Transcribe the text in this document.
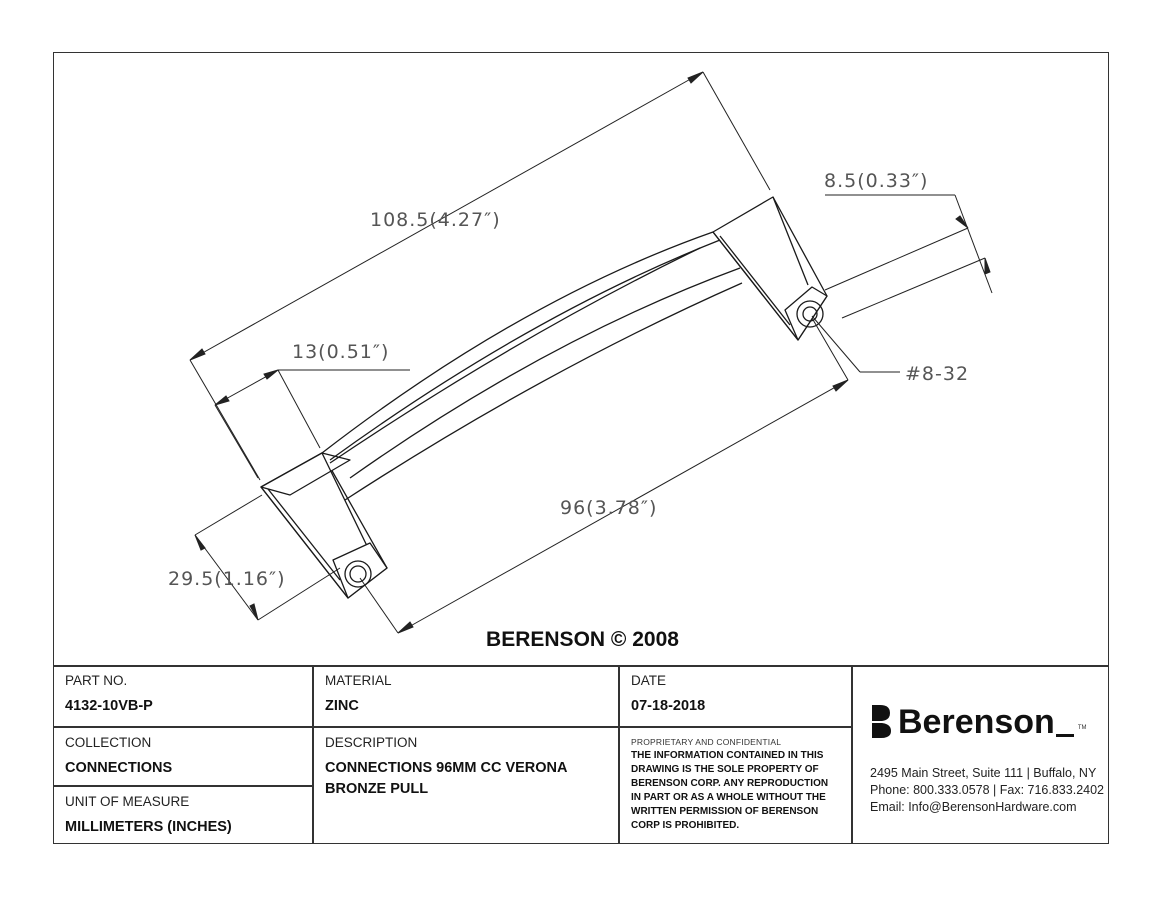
108.5(4.27″)
13(0.51″)
8.5(0.33″)
#8-32
96(3.78″)
29.5(1.16″)
BERENSON © 2008
PART NO.
4132-10VB-P
MATERIAL
ZINC
DATE
07-18-2018
COLLECTION
CONNECTIONS
UNIT OF MEASURE
MILLIMETERS (INCHES)
DESCRIPTION
CONNECTIONS 96MM CC VERONA BRONZE PULL
PROPRIETARY AND CONFIDENTIAL
THE INFORMATION CONTAINED IN THIS DRAWING IS THE SOLE PROPERTY OF BERENSON CORP. ANY REPRODUCTION IN PART OR AS A WHOLE WITHOUT THE WRITTEN PERMISSION OF BERENSON CORP IS PROHIBITED.
Berenson	TM
2495 Main Street, Suite 111 | Buffalo, NY
Phone: 800.333.0578 | Fax: 716.833.2402
Email: Info@BerensonHardware.com
